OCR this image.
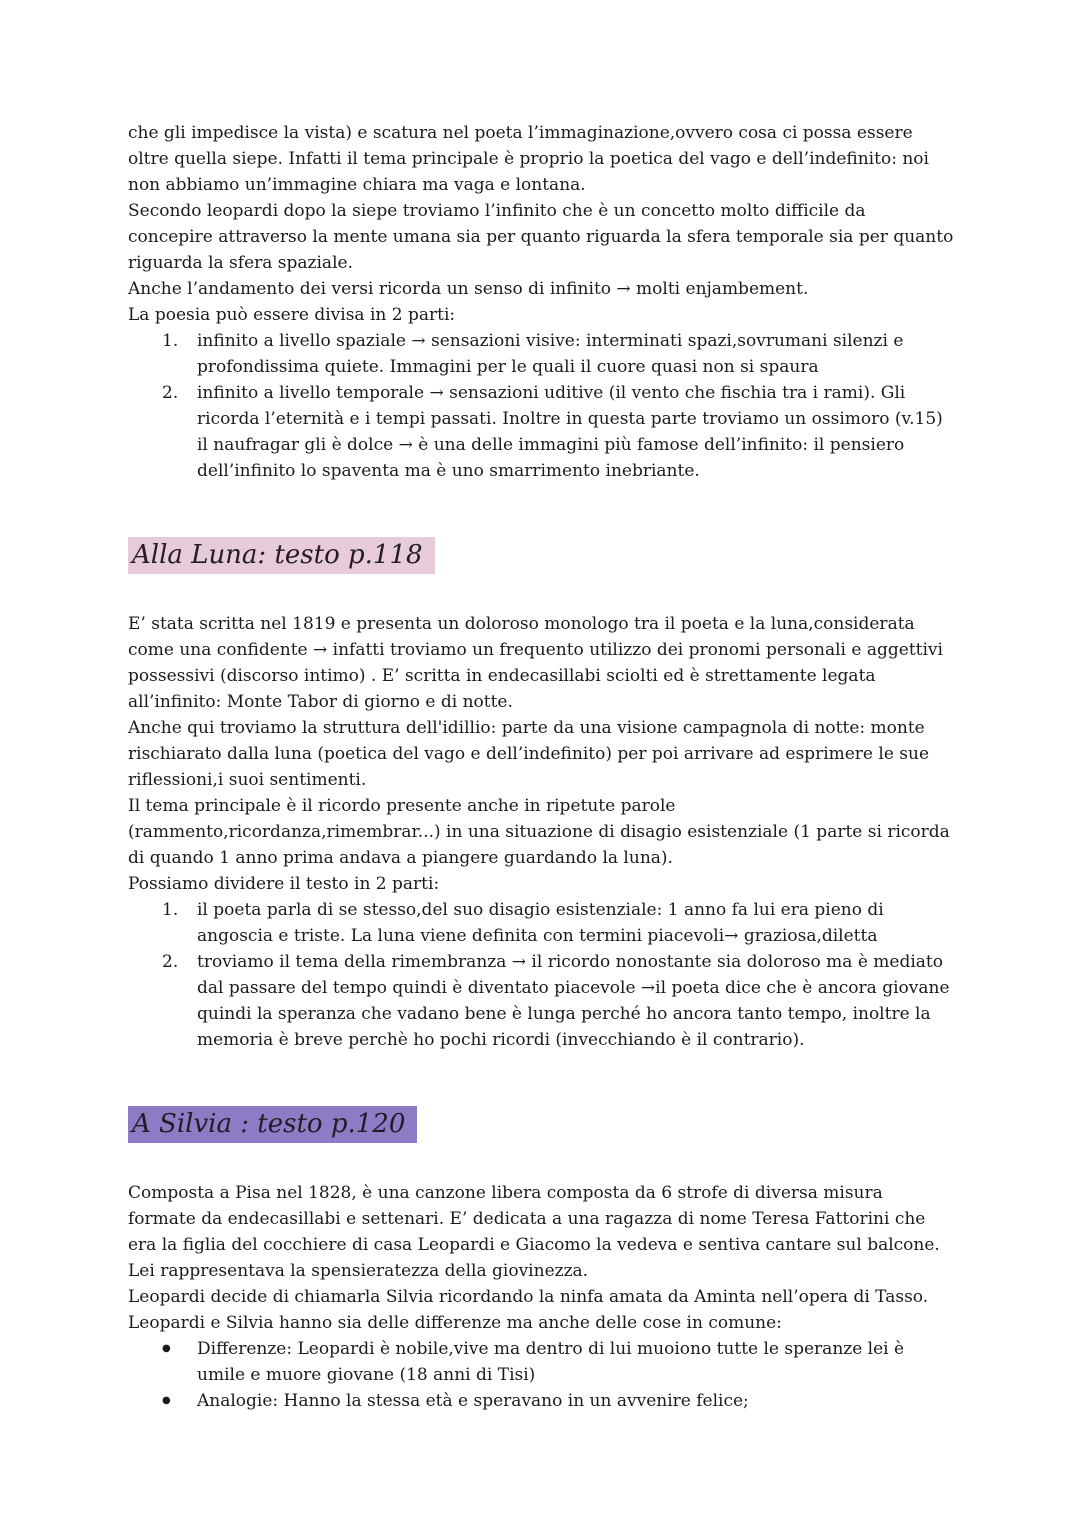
che gli impedisce la vista) e scatura nel poeta l’immaginazione,ovvero cosa ci possa essere oltre quella siepe. Infatti il tema principale è proprio la poetica del vago e dell’indefinito: noi non abbiamo un’immagine chiara ma vaga e lontana.

Secondo leopardi dopo la siepe troviamo l’infinito che è un concetto molto difficile da concepire attraverso la mente umana sia per quanto riguarda la sfera temporale sia per quanto riguarda la sfera spaziale.

Anche l’andamento dei versi ricorda un senso di infinito → molti enjambement.

La poesia può essere divisa in 2 parti:

1.	infinito a livello spaziale → sensazioni visive: interminati spazi,sovrumani silenzi e profondissima quiete. Immagini per le quali il cuore quasi non si spaura
2.	infinito a livello temporale → sensazioni uditive (il vento che fischia tra i rami). Gli ricorda l’eternità e i tempi passati. Inoltre in questa parte troviamo un ossimoro (v.15) il naufragar gli è dolce → è una delle immagini più famose dell’infinito: il pensiero dell’infinito lo spaventa ma è uno smarrimento inebriante.
Alla Luna: testo p.118

E’ stata scritta nel 1819 e presenta un doloroso monologo tra il poeta e la luna,considerata come una confidente → infatti troviamo un frequento utilizzo dei pronomi personali e aggettivi possessivi (discorso intimo) . E’ scritta in endecasillabi sciolti ed è strettamente legata all’infinito: Monte Tabor di giorno e di notte.

Anche qui troviamo la struttura dell'idillio: parte da una visione campagnola di notte: monte rischiarato dalla luna (poetica del vago e dell’indefinito) per poi arrivare ad esprimere le sue riflessioni,i suoi sentimenti.

Il tema principale è il ricordo presente anche in ripetute parole (rammento,ricordanza,rimembrar...) in una situazione di disagio esistenziale (1 parte si ricorda di quando 1 anno prima andava a piangere guardando la luna).

Possiamo dividere il testo in 2 parti:

1.	il poeta parla di se stesso,del suo disagio esistenziale: 1 anno fa lui era pieno di angoscia e triste. La luna viene definita con termini piacevoli→ graziosa,diletta
2.	troviamo il tema della rimembranza → il ricordo nonostante sia doloroso ma è mediato dal passare del tempo quindi è diventato piacevole →il poeta dice che è ancora giovane quindi la speranza che vadano bene è lunga perché ho ancora tanto tempo, inoltre la memoria è breve perchè ho pochi ricordi (invecchiando è il contrario).
A Silvia : testo p.120

Composta a Pisa nel 1828, è una canzone libera composta da 6 strofe di diversa misura formate da endecasillabi e settenari. E’ dedicata a una ragazza di nome Teresa Fattorini che era la figlia del cocchiere di casa Leopardi e Giacomo la vedeva e sentiva cantare sul balcone. Lei rappresentava la spensieratezza della giovinezza.

Leopardi decide di chiamarla Silvia ricordando la ninfa amata da Aminta nell’opera di Tasso.

Leopardi e Silvia hanno sia delle differenze ma anche delle cose in comune:

●	Differenze: Leopardi è nobile,vive ma dentro di lui muoiono tutte le speranze lei è umile e muore giovane (18 anni di Tisi)
●	Analogie: Hanno la stessa età e speravano in un avvenire felice;
